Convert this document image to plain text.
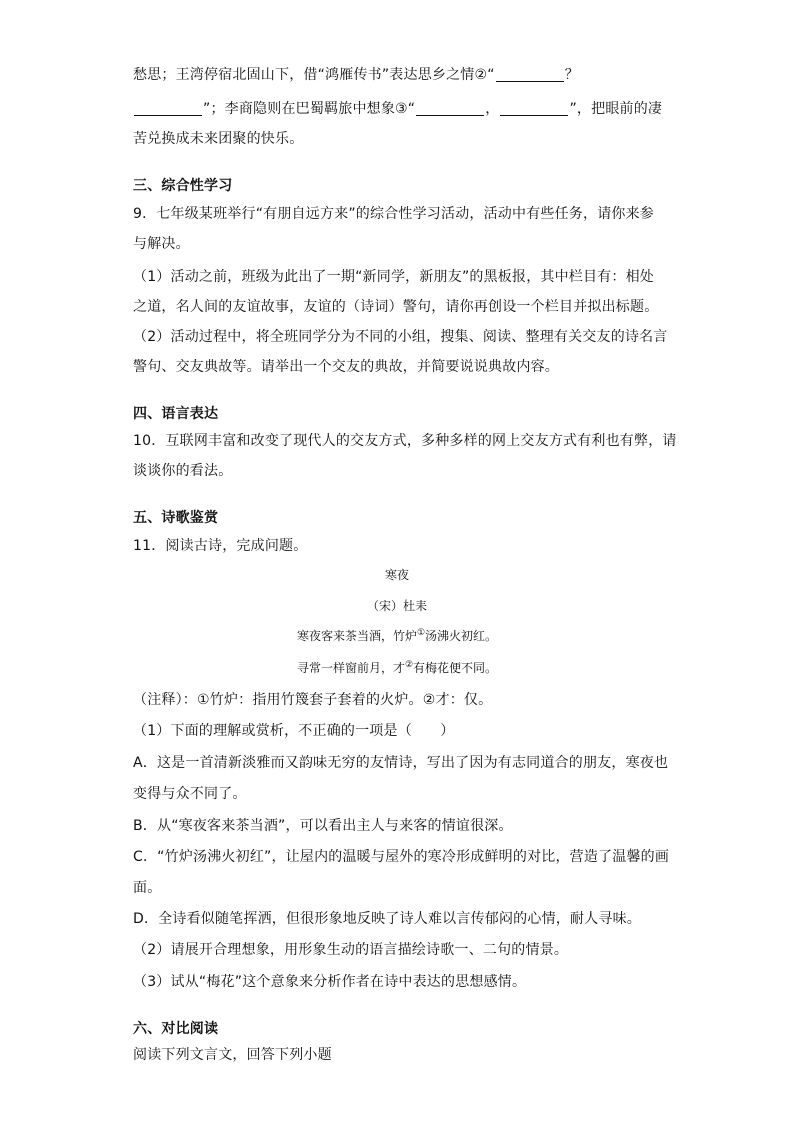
愁思；王湾停宿北固山下，借“鸿雁传书”表达思乡之情②“	？
”；李商隐则在巴蜀羁旅中想象③“	，	”，把眼前的凄
苦兑换成未来团聚的快乐。
三、综合性学习
9．七年级某班举行“有朋自远方来”的综合性学习活动，活动中有些任务，请你来参
与解决。
（1）活动之前，班级为此出了一期“新同学，新朋友”的黑板报，其中栏目有：相处
之道，名人间的友谊故事，友谊的（诗词）警句，请你再创设一个栏目并拟出标题。
（2）活动过程中，将全班同学分为不同的小组，搜集、阅读、整理有关交友的诗名言
警句、交友典故等。请举出一个交友的典故，并简要说说典故内容。
四、语言表达
10．互联网丰富和改变了现代人的交友方式，多种多样的网上交友方式有利也有弊，请
谈谈你的看法。
五、诗歌鉴赏
11．阅读古诗，完成问题。
寒夜
（宋）杜耒
寒夜客来茶当酒，竹炉①汤沸火初红。
寻常一样窗前月，才②有梅花便不同。
（注释）：①竹炉：指用竹篾套子套着的火炉。②才：仅。
（1）下面的理解或赏析，不正确的一项是（　　）
A．这是一首清新淡雅而又韵味无穷的友情诗，写出了因为有志同道合的朋友，寒夜也
变得与众不同了。
B．从“寒夜客来茶当酒”，可以看出主人与来客的情谊很深。
C．“竹炉汤沸火初红”，让屋内的温暖与屋外的寒冷形成鲜明的对比，营造了温馨的画
面。
D．全诗看似随笔挥洒，但很形象地反映了诗人难以言传郁闷的心情，耐人寻味。
（2）请展开合理想象，用形象生动的语言描绘诗歌一、二句的情景。
（3）试从“梅花”这个意象来分析作者在诗中表达的思想感情。
六、对比阅读
阅读下列文言文，回答下列小题
